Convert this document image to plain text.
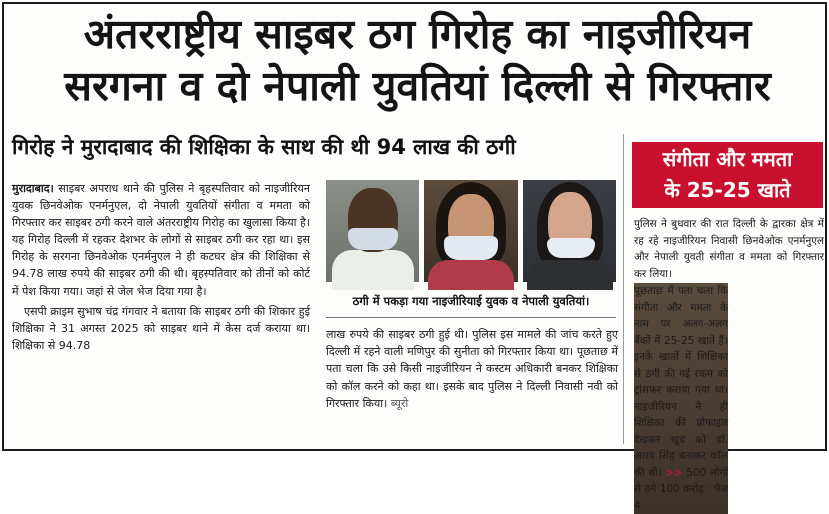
अंतरराष्ट्रीय साइबर ठग गिरोह का नाइजीरियन
सरगना व दो नेपाली युवतियां दिल्ली से गिरफ्तार
गिरोह ने मुरादाबाद की शिक्षिका के साथ की थी 94 लाख की ठगी	संगीता और ममता
के 25-25 खाते

मुरादाबाद। साइबर अपराध थाने की पुलिस ने बृहस्पतिवार को नाइजीरियन युवक छिनवेओक एनर्मनुएल, दो नेपाली युवतियों संगीता व ममता को गिरफ्तार कर साइबर ठगी करने वाले अंतरराष्ट्रीय गिरोह का खुलासा किया है। यह गिरोह दिल्ली में रहकर देशभर के लोगों से साइबर ठगी कर रहा था। इस गिरोह के सरगना छिनवेओक एनर्मनुएल ने ही कटघर क्षेत्र की शिक्षिका से 94.78 लाख रुपये की साइबर ठगी की थी। बृहस्पतिवार को तीनों को कोर्ट में पेश किया गया। जहां से जेल भेज दिया गया है।

एसपी क्राइम सुभाष चंद्र गंगवार ने बताया कि साइबर ठगी की शिकार हुई शिक्षिका ने 31 अगस्त 2025 को साइबर थाने में केस दर्ज कराया था। शिक्षिका से 94.78

ठगी में पकड़ा गया नाइजीरियाई युवक व नेपाली युवतियां।
लाख रुपये की साइबर ठगी हुई थी। पुलिस इस मामले की जांच करते हुए दिल्ली में रहने वाली मणिपुर की सुनीता को गिरफ्तार किया था। पूछताछ में पता चला कि उसे किसी नाइजीरियन ने कस्टम अधिकारी बनकर शिक्षिका को कॉल करने को कहा था। इसके बाद पुलिस ने दिल्ली निवासी नवी को गिरफ्तार किया। ब्यूरो

पुलिस ने बुधवार की रात दिल्ली के द्वारका क्षेत्र में रह रहे नाइजीरियन निवासी छिनवेओक एनर्मनुएल और नेपाली युवती संगीता व ममता को गिरफ्तार कर लिया।

पूछताछ में पता चला कि संगीता और ममता के नाम पर अलग-अलग बैंकों में 25-25 खाते हैं। इनके खातों में शिक्षिका से ठगी की गई रकम को ट्रांसफर कराया गया था। नाइजीरियन ने ही शिक्षिका की प्रोफाइल देखकर खुद को डॉ. आरव सिंह बताकर कॉल की थी। >> 500 लोगों से ठगे 100 करोड़ : पेज 4
